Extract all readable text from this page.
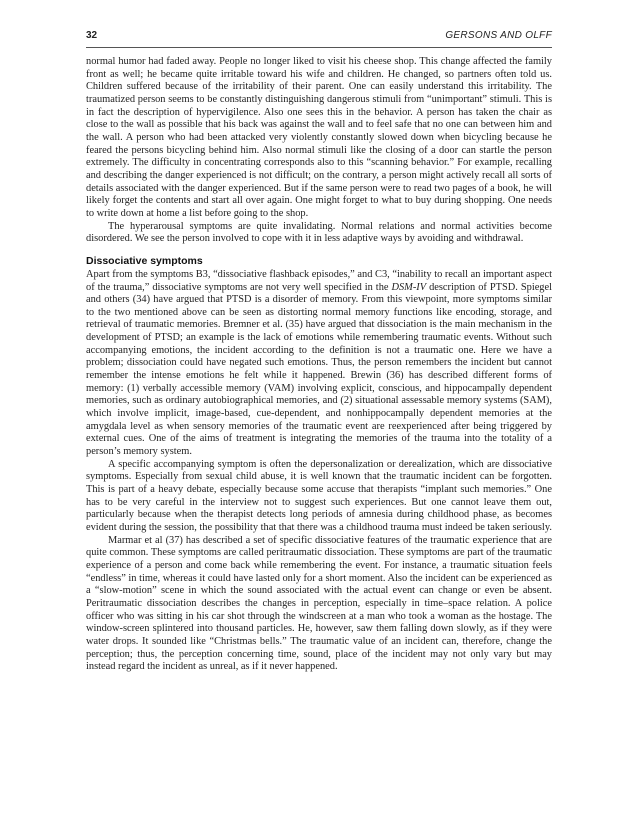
32	GERSONS AND OLFF

normal humor had faded away. People no longer liked to visit his cheese shop. This change affected the family front as well; he became quite irritable toward his wife and children. He changed, so partners often told us. Children suffered because of the irritability of their parent. One can easily understand this irritability. The traumatized person seems to be constantly distinguishing dangerous stimuli from “unimportant” stimuli. This is in fact the description of hypervigilence. Also one sees this in the behavior. A person has taken the chair as close to the wall as possible that his back was against the wall and to feel safe that no one can between him and the wall. A person who had been attacked very violently constantly slowed down when bicycling because he feared the persons bicycling behind him. Also normal stimuli like the closing of a door can startle the person extremely. The difficulty in concentrating corresponds also to this “scanning behavior.” For example, recalling and describing the danger experienced is not difficult; on the contrary, a person might actively recall all sorts of details associated with the danger experienced. But if the same person were to read two pages of a book, he will likely forget the contents and start all over again. One might forget to what to buy during shopping. One needs to write down at home a list before going to the shop.

The hyperarousal symptoms are quite invalidating. Normal relations and normal activities become disordered. We see the person involved to cope with it in less adaptive ways by avoiding and withdrawal.

Dissociative symptoms

Apart from the symptoms B3, “dissociative flashback episodes,” and C3, “inability to recall an important aspect of the trauma,” dissociative symptoms are not very well specified in the DSM-IV description of PTSD. Spiegel and others (34) have argued that PTSD is a disorder of memory. From this viewpoint, more symptoms similar to the two mentioned above can be seen as distorting normal memory functions like encoding, storage, and retrieval of traumatic memories. Bremner et al. (35) have argued that dissociation is the main mechanism in the development of PTSD; an example is the lack of emotions while remembering traumatic events. Without such accompanying emotions, the incident according to the definition is not a traumatic one. Here we have a problem; dissociation could have negated such emotions. Thus, the person remembers the incident but cannot remember the intense emotions he felt while it happened. Brewin (36) has described different forms of memory: (1) verbally accessible memory (VAM) involving explicit, conscious, and hippocampally dependent memories, such as ordinary autobiographical memories, and (2) situational assessable memory systems (SAM), which involve implicit, image-based, cue-dependent, and nonhippocampally dependent memories at the amygdala level as when sensory memories of the traumatic event are reexperienced after being triggered by external cues. One of the aims of treatment is integrating the memories of the trauma into the totality of a person’s memory system.

A specific accompanying symptom is often the depersonalization or derealization, which are dissociative symptoms. Especially from sexual child abuse, it is well known that the traumatic incident can be forgotten. This is part of a heavy debate, especially because some accuse that therapists “implant such memories.” One has to be very careful in the interview not to suggest such experiences. But one cannot leave them out, particularly because when the therapist detects long periods of amnesia during childhood phase, as becomes evident during the session, the possibility that that there was a childhood trauma must indeed be taken seriously.

Marmar et al (37) has described a set of specific dissociative features of the traumatic experience that are quite common. These symptoms are called peritraumatic dissociation. These symptoms are part of the traumatic experience of a person and come back while remembering the event. For instance, a traumatic situation feels “endless” in time, whereas it could have lasted only for a short moment. Also the incident can be experienced as a “slow-motion” scene in which the sound associated with the actual event can change or even be absent. Peritraumatic dissociation describes the changes in perception, especially in time–space relation. A police officer who was sitting in his car shot through the windscreen at a man who took a woman as the hostage. The window-screen splintered into thousand particles. He, however, saw them falling down slowly, as if they were water drops. It sounded like “Christmas bells.” The traumatic value of an incident can, therefore, change the perception; thus, the perception concerning time, sound, place of the incident may not only vary but may instead regard the incident as unreal, as if it never happened.
